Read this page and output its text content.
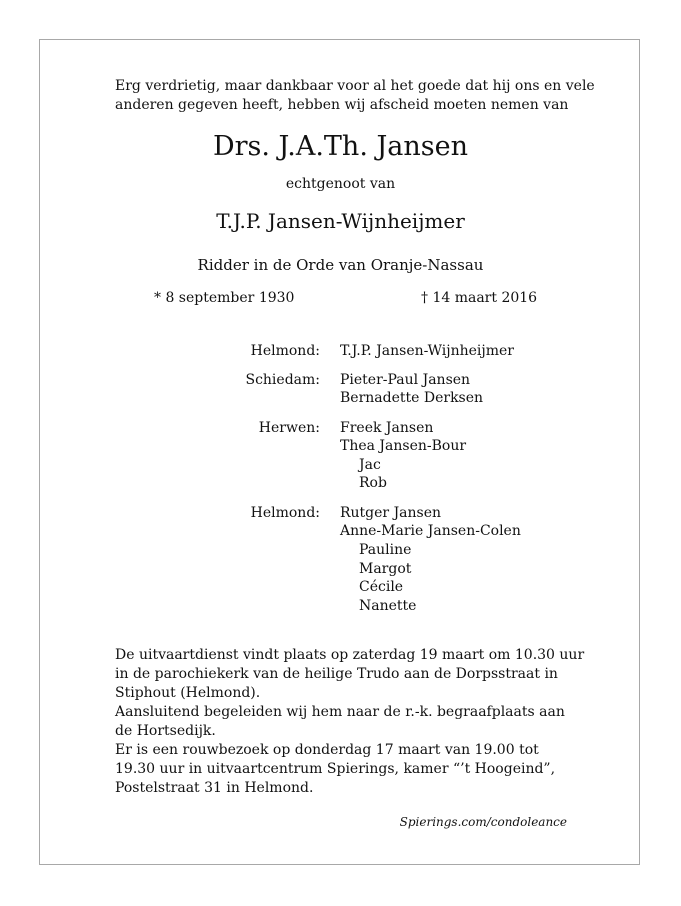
Erg verdrietig, maar dankbaar voor al het goede dat hij ons en vele
anderen gegeven heeft, hebben wij afscheid moeten nemen van
Drs. J.A.Th. Jansen
echtgenoot van
T.J.P. Jansen-Wijnheijmer
Ridder in de Orde van Oranje-Nassau
* 8 september 1930	† 14 maart 2016
Helmond: T.J.P. Jansen-Wijnheijmer
Schiedam: Pieter-Paul Jansen
Bernadette Derksen
Herwen: Freek Jansen
Thea Jansen-Bour
Jac
Rob
Helmond: Rutger Jansen
Anne-Marie Jansen-Colen
Pauline
Margot
Cécile
Nanette
De uitvaartdienst vindt plaats op zaterdag 19 maart om 10.30 uur
in de parochiekerk van de heilige Trudo aan de Dorpsstraat in
Stiphout (Helmond).
Aansluitend begeleiden wij hem naar de r.-k. begraafplaats aan
de Hortsedijk.
Er is een rouwbezoek op donderdag 17 maart van 19.00 tot
19.30 uur in uitvaartcentrum Spierings, kamer “’t Hoogeind”,
Postelstraat 31 in Helmond.
Spierings.com/condoleance
